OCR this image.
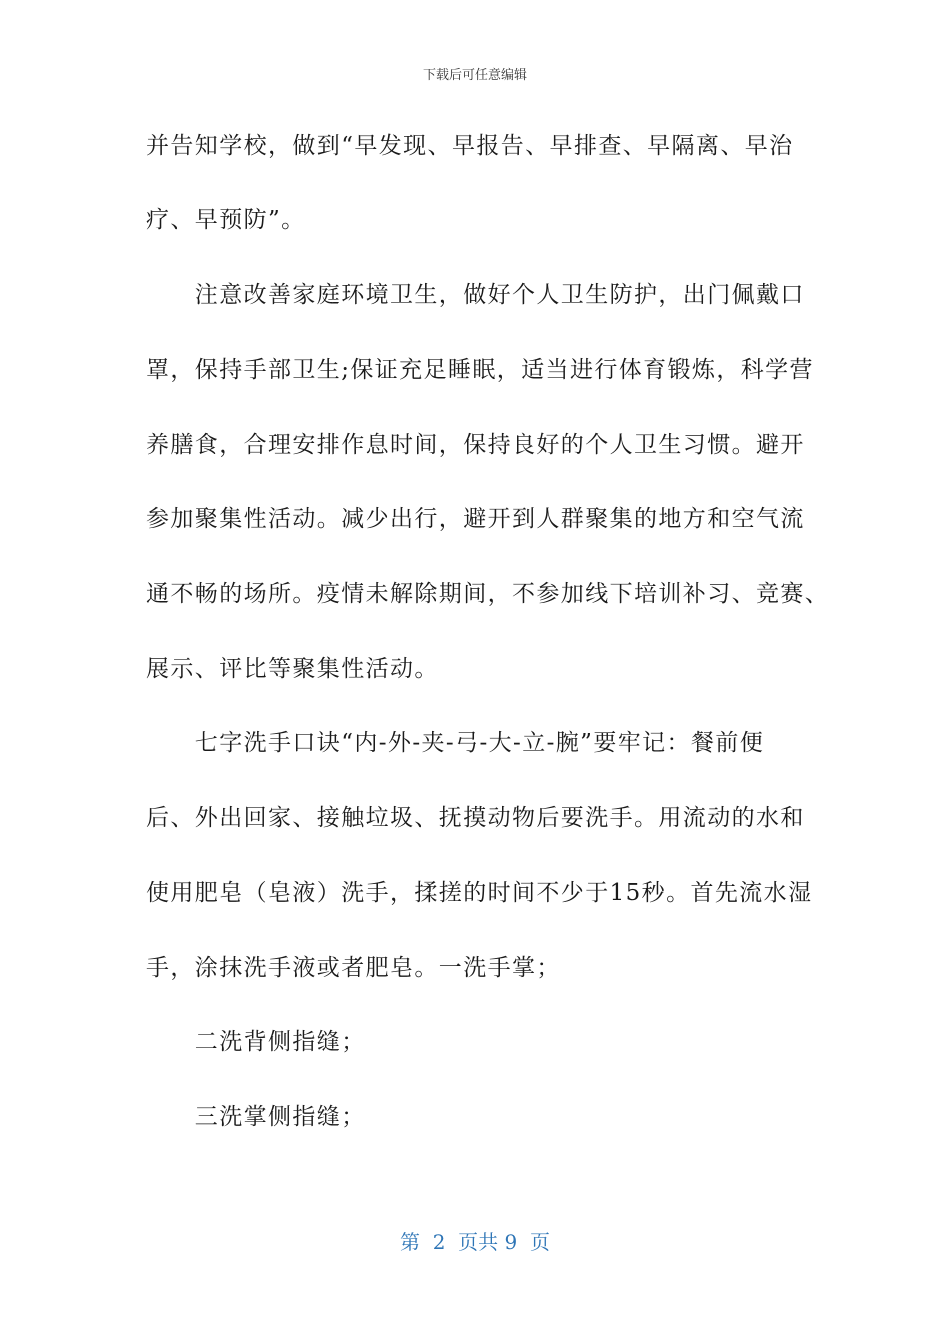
下载后可任意编辑
并告知学校，做到“早发现、早报告、早排查、早隔离、早治
疗、早预防”。
　　注意改善家庭环境卫生，做好个人卫生防护，出门佩戴口
罩，保持手部卫生;保证充足睡眠，适当进行体育锻炼，科学营
养膳食，合理安排作息时间，保持良好的个人卫生习惯。避开
参加聚集性活动。减少出行，避开到人群聚集的地方和空气流
通不畅的场所。疫情未解除期间，不参加线下培训补习、竞赛、
展示、评比等聚集性活动。
　　七字洗手口诀“内-外-夹-弓-大-立-腕”要牢记：餐前便
后、外出回家、接触垃圾、抚摸动物后要洗手。用流动的水和
使用肥皂（皂液）洗手，揉搓的时间不少于15秒。首先流水湿
手，涂抹洗手液或者肥皂。一洗手掌；
　　二洗背侧指缝；
　　三洗掌侧指缝；
第  2  页共 9  页
